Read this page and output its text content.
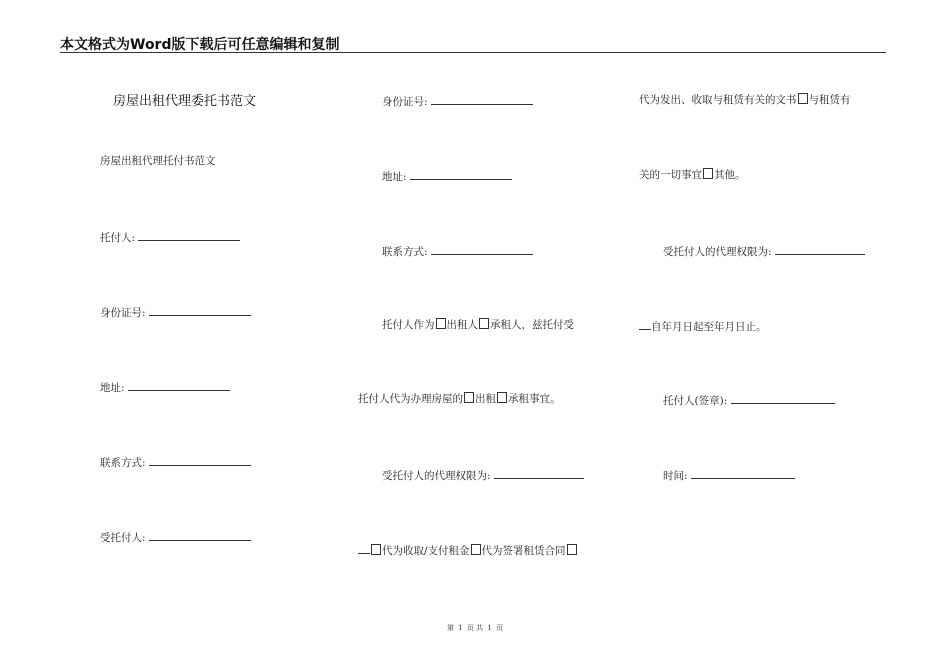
本文格式为Word版下载后可任意编辑和复制
房屋出租代理委托书范文
房屋出租代理托付书范文
托付人:
身份证号:
地址:
联系方式:
受托付人:
身份证号:
地址:
联系方式:
托付人作为 出租人 承租人，兹托付受
托付人代为办理房屋的 出租 承租事宜。
受托付人的代理权限为:
代为收取/支付租金 代为签署租赁合同
代为发出、收取与租赁有关的文书 与租赁有
关的一切事宜 其他。
受托付人的代理权限为:
自年月日起至年月日止。
托付人(签章):
时间:
第 1 页 共 1 页
